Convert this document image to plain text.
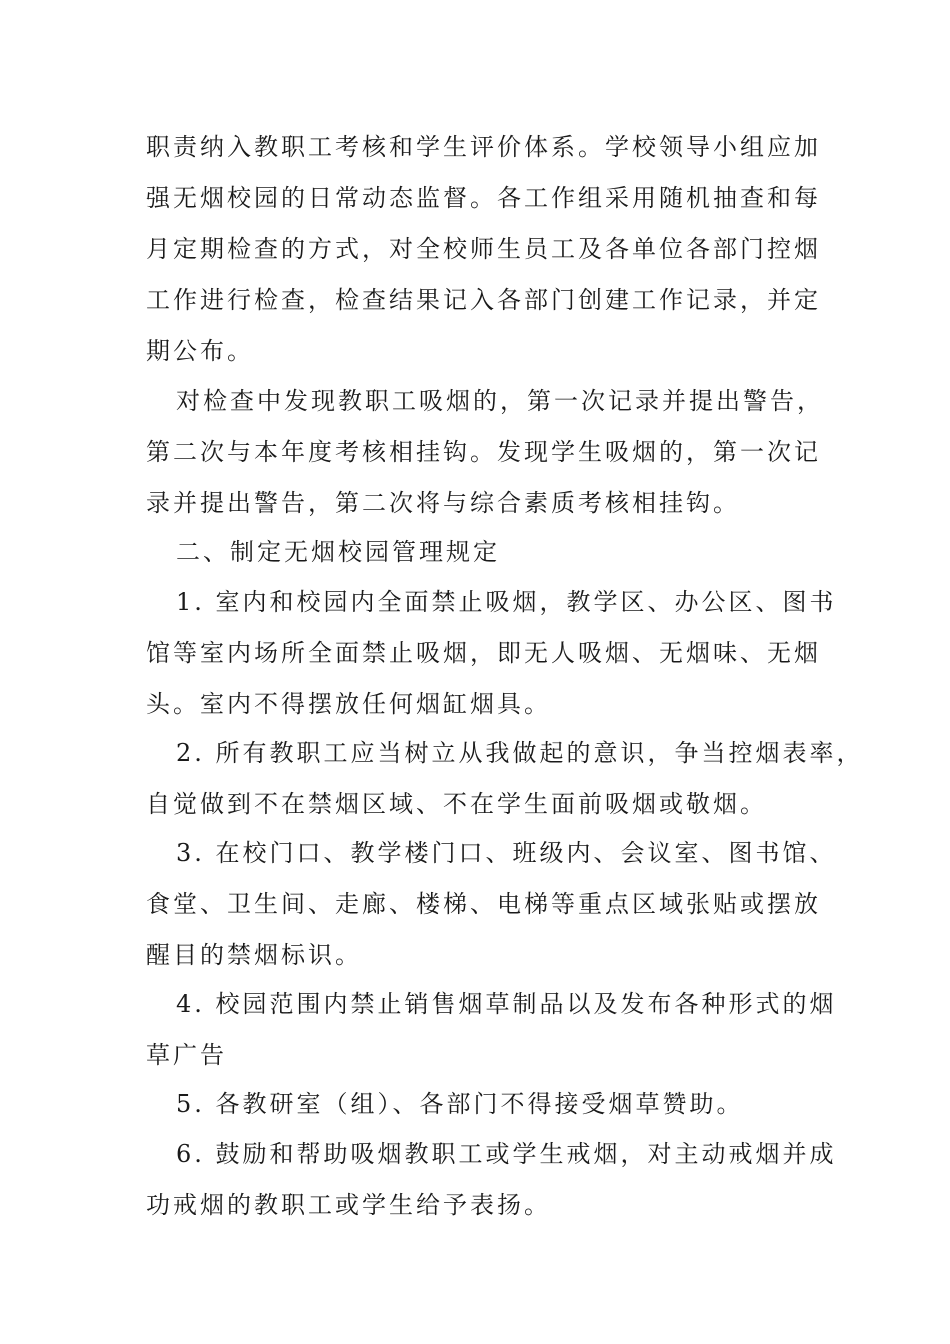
职责纳入教职工考核和学生评价体系。学校领导小组应加
强无烟校园的日常动态监督。各工作组采用随机抽查和每
月定期检查的方式，对全校师生员工及各单位各部门控烟
工作进行检查，检查结果记入各部门创建工作记录，并定
期公布。
对检查中发现教职工吸烟的，第一次记录并提出警告，
第二次与本年度考核相挂钩。发现学生吸烟的，第一次记
录并提出警告，第二次将与综合素质考核相挂钩。
二、制定无烟校园管理规定
1. 室内和校园内全面禁止吸烟，教学区、办公区、图书
馆等室内场所全面禁止吸烟，即无人吸烟、无烟味、无烟
头。室内不得摆放任何烟缸烟具。
2. 所有教职工应当树立从我做起的意识，争当控烟表率，
自觉做到不在禁烟区域、不在学生面前吸烟或敬烟。
3. 在校门口、教学楼门口、班级内、会议室、图书馆、
食堂、卫生间、走廊、楼梯、电梯等重点区域张贴或摆放
醒目的禁烟标识。
4. 校园范围内禁止销售烟草制品以及发布各种形式的烟
草广告
5. 各教研室（组）、各部门不得接受烟草赞助。
6. 鼓励和帮助吸烟教职工或学生戒烟，对主动戒烟并成
功戒烟的教职工或学生给予表扬。
